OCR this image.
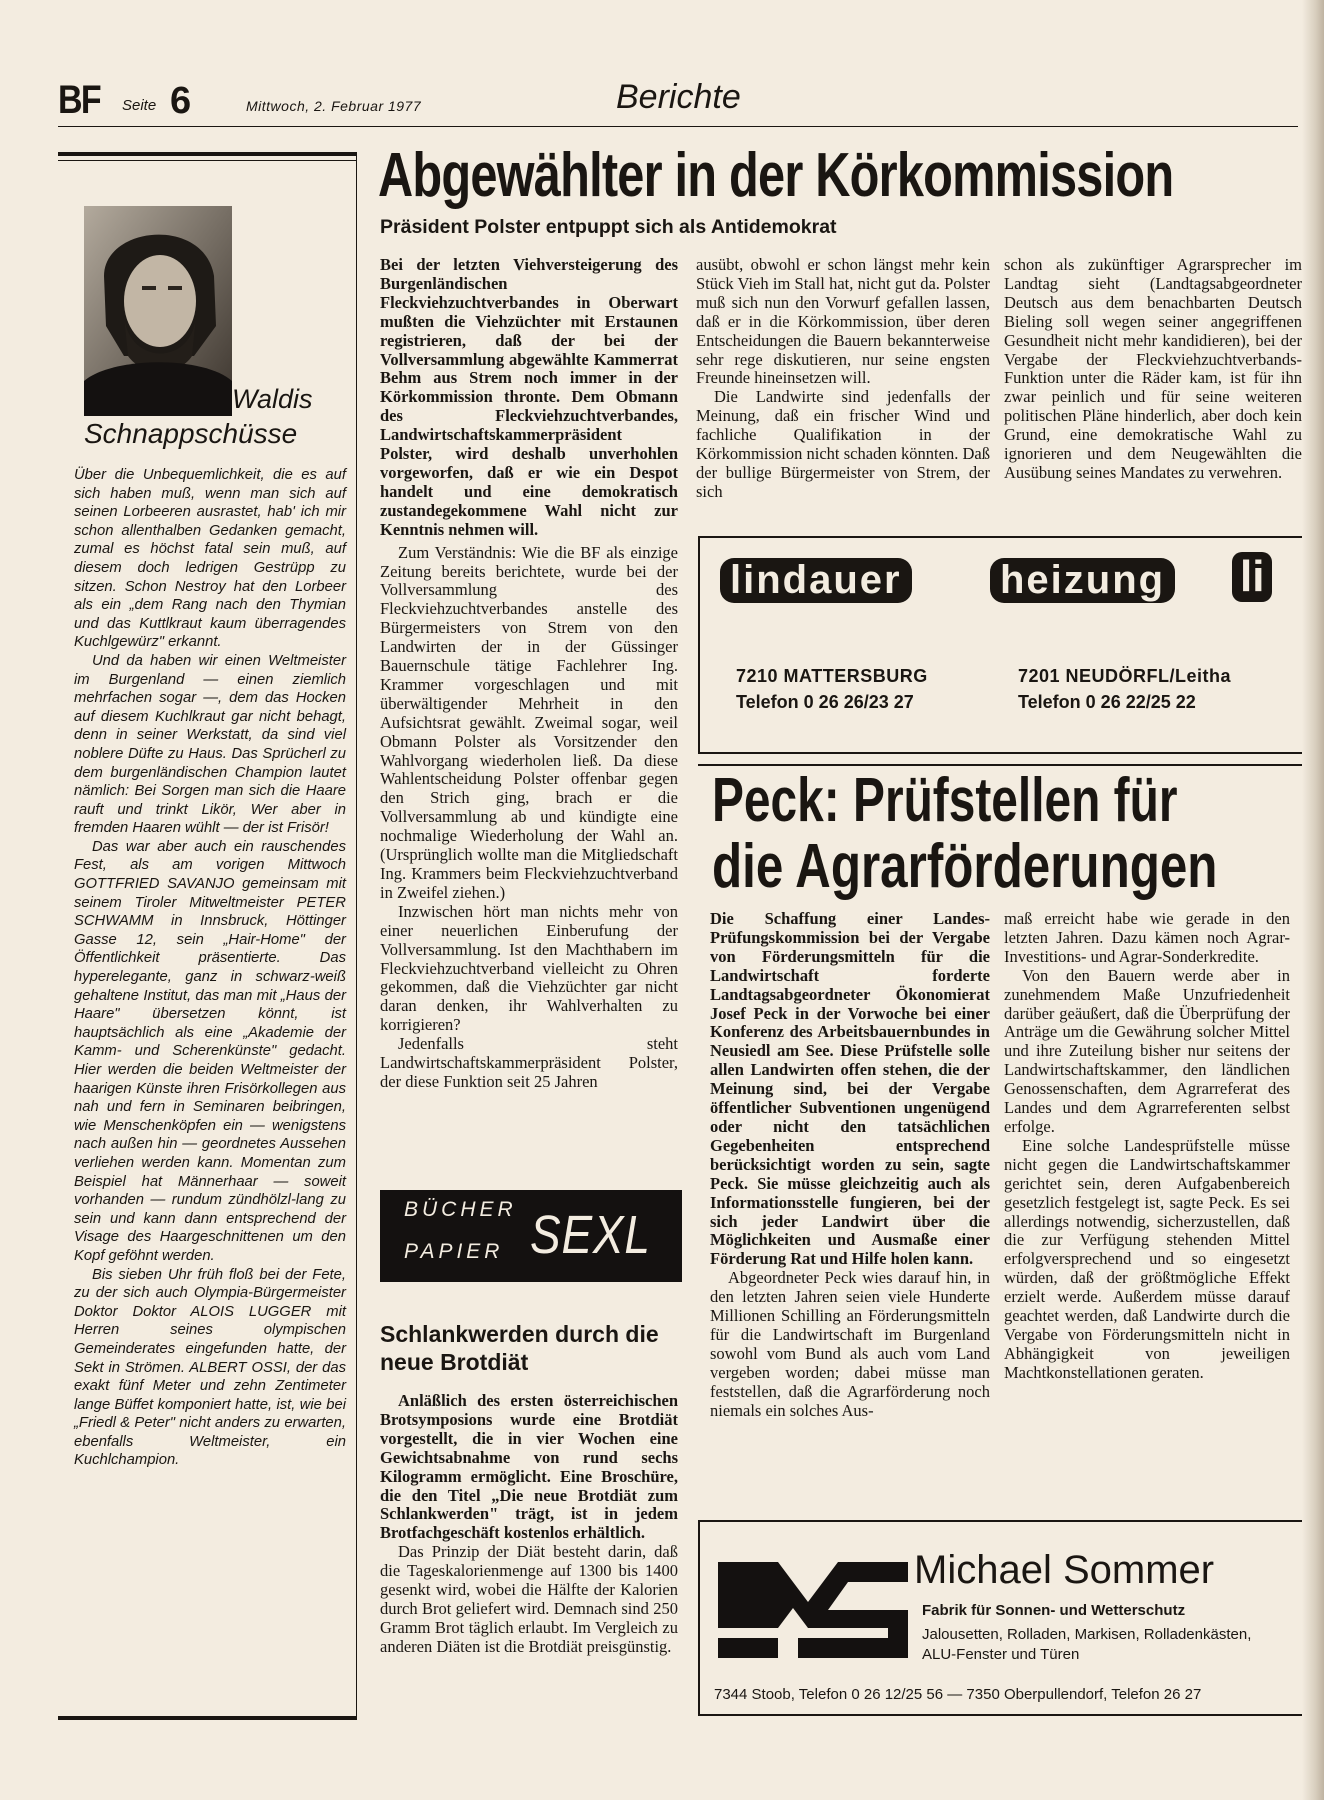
BF Seite 6	Mittwoch, 2. Februar 1977	Berichte
Waldis
Schnappschüsse

Über die Unbequemlichkeit, die es auf sich haben muß, wenn man sich auf seinen Lorbeeren ausrastet, hab' ich mir schon allenthalben Gedanken gemacht, zumal es höchst fatal sein muß, auf diesem doch ledrigen Gestrüpp zu sitzen. Schon Nestroy hat den Lorbeer als ein „dem Rang nach den Thymian und das Kuttlkraut kaum überragendes Kuchlgewürz" erkannt.

Und da haben wir einen Weltmeister im Burgenland — einen ziemlich mehrfachen sogar —, dem das Hocken auf diesem Kuchlkraut gar nicht behagt, denn in seiner Werkstatt, da sind viel noblere Düfte zu Haus. Das Sprücherl zu dem burgenländischen Champion lautet nämlich: Bei Sorgen man sich die Haare rauft und trinkt Likör, Wer aber in fremden Haaren wühlt — der ist Frisör!

Das war aber auch ein rauschendes Fest, als am vorigen Mittwoch GOTTFRIED SAVANJO gemeinsam mit seinem Tiroler Mitweltmeister PETER SCHWAMM in Innsbruck, Höttinger Gasse 12, sein „Hair-Home" der Öffentlichkeit präsentierte. Das hyperelegante, ganz in schwarz-weiß gehaltene Institut, das man mit „Haus der Haare" übersetzen könnt, ist hauptsächlich als eine „Akademie der Kamm- und Scherenkünste" gedacht. Hier werden die beiden Weltmeister der haarigen Künste ihren Frisörkollegen aus nah und fern in Seminaren beibringen, wie Menschenköpfen ein — wenigstens nach außen hin — geordnetes Aussehen verliehen werden kann. Momentan zum Beispiel hat Männerhaar — soweit vorhanden — rundum zündhölzl-lang zu sein und kann dann entsprechend der Visage des Haargeschnittenen um den Kopf geföhnt werden.

Bis sieben Uhr früh floß bei der Fete, zu der sich auch Olympia-Bürgermeister Doktor Doktor ALOIS LUGGER mit Herren seines olympischen Gemeinderates eingefunden hatte, der Sekt in Strömen. ALBERT OSSI, der das exakt fünf Meter und zehn Zentimeter lange Büffet komponiert hatte, ist, wie bei „Friedl & Peter" nicht anders zu erwarten, ebenfalls Weltmeister, ein Kuchlchampion.

Abgewählter in der Körkommission
Präsident Polster entpuppt sich als Antidemokrat

Bei der letzten Viehversteigerung des Burgenländischen Fleckviehzuchtverbandes in Oberwart mußten die Viehzüchter mit Erstaunen registrieren, daß der bei der Vollversammlung abgewählte Kammerrat Behm aus Strem noch immer in der Körkommission thronte. Dem Obmann des Fleckviehzuchtverbandes, Landwirtschaftskammerpräsident Polster, wird deshalb unverhohlen vorgeworfen, daß er wie ein Despot handelt und eine demokratisch zustandegekommene Wahl nicht zur Kenntnis nehmen will.

Zum Verständnis: Wie die BF als einzige Zeitung bereits berichtete, wurde bei der Vollversammlung des Fleckviehzuchtverbandes anstelle des Bürgermeisters von Strem von den Landwirten der in der Güssinger Bauernschule tätige Fachlehrer Ing. Krammer vorgeschlagen und mit überwältigender Mehrheit in den Aufsichtsrat gewählt. Zweimal sogar, weil Obmann Polster als Vorsitzender den Wahlvorgang wiederholen ließ. Da diese Wahlentscheidung Polster offenbar gegen den Strich ging, brach er die Vollversammlung ab und kündigte eine nochmalige Wiederholung der Wahl an. (Ursprünglich wollte man die Mitgliedschaft Ing. Krammers beim Fleckviehzuchtverband in Zweifel ziehen.)

Inzwischen hört man nichts mehr von einer neuerlichen Einberufung der Vollversammlung. Ist den Machthabern im Fleckviehzuchtverband vielleicht zu Ohren gekommen, daß die Viehzüchter gar nicht daran denken, ihr Wahlverhalten zu korrigieren?

Jedenfalls steht Landwirtschaftskammerpräsident Polster, der diese Funktion seit 25 Jahren

ausübt, obwohl er schon längst mehr kein Stück Vieh im Stall hat, nicht gut da. Polster muß sich nun den Vorwurf gefallen lassen, daß er in die Körkommission, über deren Entscheidungen die Bauern bekannterweise sehr rege diskutieren, nur seine engsten Freunde hineinsetzen will.

Die Landwirte sind jedenfalls der Meinung, daß ein frischer Wind und fachliche Qualifikation in der Körkommission nicht schaden könnten. Daß der bullige Bürgermeister von Strem, der sich

schon als zukünftiger Agrarsprecher im Landtag sieht (Landtagsabgeordneter Deutsch aus dem benachbarten Deutsch Bieling soll wegen seiner angegriffenen Gesundheit nicht mehr kandidieren), bei der Vergabe der Fleckviehzuchtverbands-Funktion unter die Räder kam, ist für ihn zwar peinlich und für seine weiteren politischen Pläne hinderlich, aber doch kein Grund, eine demokratische Wahl zu ignorieren und dem Neugewählten die Ausübung seines Mandates zu verwehren.

lindauer heizung li
7210 MATTERSBURG
Telefon 0 26 26/23 27
7201 NEUDÖRFL/Leitha
Telefon 0 26 22/25 22
Peck: Prüfstellen für
die Agrarförderungen

Die Schaffung einer Landes-Prüfungskommission bei der Vergabe von Förderungsmitteln für die Landwirtschaft forderte Landtagsabgeordneter Ökonomierat Josef Peck in der Vorwoche bei einer Konferenz des Arbeitsbauernbundes in Neusiedl am See. Diese Prüfstelle solle allen Landwirten offen stehen, die der Meinung sind, bei der Vergabe öffentlicher Subventionen ungenügend oder nicht den tatsächlichen Gegebenheiten entsprechend berücksichtigt worden zu sein, sagte Peck. Sie müsse gleichzeitig auch als Informationsstelle fungieren, bei der sich jeder Landwirt über die Möglichkeiten und Ausmaße einer Förderung Rat und Hilfe holen kann.

Abgeordneter Peck wies darauf hin, in den letzten Jahren seien viele Hunderte Millionen Schilling an Förderungsmitteln für die Landwirtschaft im Burgenland sowohl vom Bund als auch vom Land vergeben worden; dabei müsse man feststellen, daß die Agrarförderung noch niemals ein solches Aus-

maß erreicht habe wie gerade in den letzten Jahren. Dazu kämen noch Agrar-Investitions- und Agrar-Sonderkredite.

Von den Bauern werde aber in zunehmendem Maße Unzufriedenheit darüber geäußert, daß die Überprüfung der Anträge um die Gewährung solcher Mittel und ihre Zuteilung bisher nur seitens der Landwirtschaftskammer, den ländlichen Genossenschaften, dem Agrarreferat des Landes und dem Agrarreferenten selbst erfolge.

Eine solche Landesprüfstelle müsse nicht gegen die Landwirtschaftskammer gerichtet sein, deren Aufgabenbereich gesetzlich festgelegt ist, sagte Peck. Es sei allerdings notwendig, sicherzustellen, daß die zur Verfügung stehenden Mittel erfolgversprechend und so eingesetzt würden, daß der größtmögliche Effekt erzielt werde. Außerdem müsse darauf geachtet werden, daß Landwirte durch die Vergabe von Förderungsmitteln nicht in Abhängigkeit von jeweiligen Machtkonstellationen geraten.

BÜCHER
PAPIER SEXL
Schlankwerden durch die neue Brotdiät

Anläßlich des ersten österreichischen Brotsymposions wurde eine Brotdiät vorgestellt, die in vier Wochen eine Gewichtsabnahme von rund sechs Kilogramm ermöglicht. Eine Broschüre, die den Titel „Die neue Brotdiät zum Schlankwerden" trägt, ist in jedem Brotfachgeschäft kostenlos erhältlich.

Das Prinzip der Diät besteht darin, daß die Tageskalorienmenge auf 1300 bis 1400 gesenkt wird, wobei die Hälfte der Kalorien durch Brot geliefert wird. Demnach sind 250 Gramm Brot täglich erlaubt. Im Vergleich zu anderen Diäten ist die Brotdiät preisgünstig.

Michael Sommer
Fabrik für Sonnen- und Wetterschutz
Jalousetten, Rolladen, Markisen, Rolladenkästen,
ALU-Fenster und Türen
7344 Stoob, Telefon 0 26 12/25 56 — 7350 Oberpullendorf, Telefon 26 27
